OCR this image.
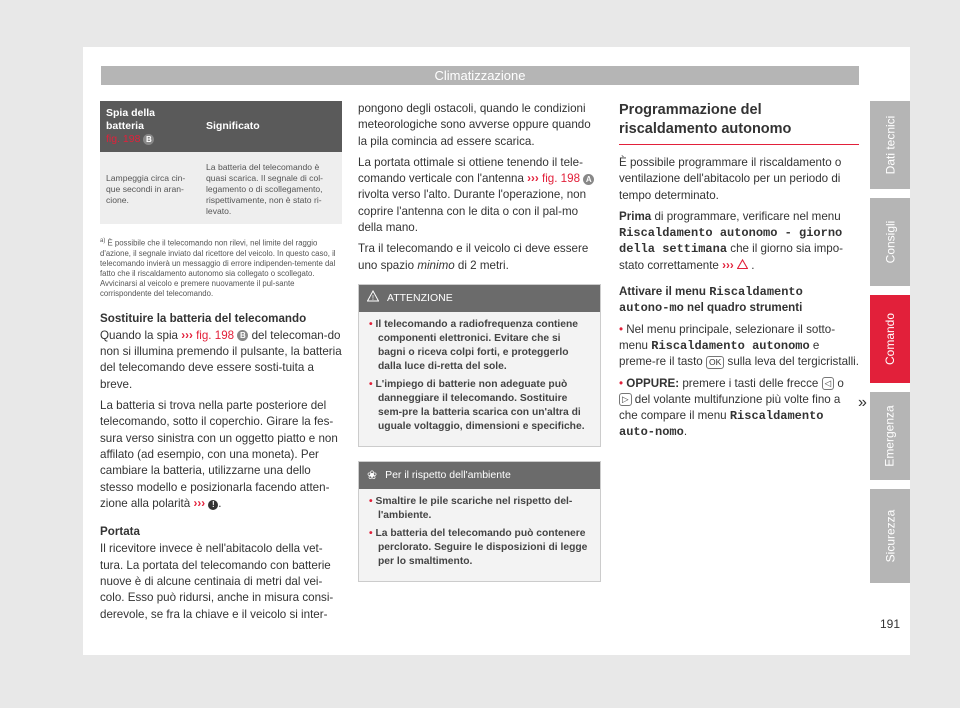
Climatizzazione
Dati tecnici
Consigli
Comando
Emergenza
Sicurezza
191
Spia della batteria
fig. 198 B	Significato
Lampeggia circa cin-que secondi in aran-cione.	La batteria del telecomando è quasi scarica. Il segnale di col-legamento o di scollegamento, rispettivamente, non è stato ri-levato.
$^{a)}$ È possibile che il telecomando non rilevi, nel limite del raggio d'azione, il segnale inviato dal ricettore del veicolo. In questo caso, il telecomando invierà un messaggio di errore indipenden-temente dal fatto che il riscaldamento autonomo sia collegato o scollegato. Avvicinarsi al veicolo e premere nuovamente il pul-sante corrispondente del telecomando.
Sostituire la batteria del telecomando

Quando la spia ››› fig. 198 B del telecoman-do non si illumina premendo il pulsante, la batteria del telecomando deve essere sosti-tuita a breve.

La batteria si trova nella parte posteriore del telecomando, sotto il coperchio. Girare la fes-sura verso sinistra con un oggetto piatto e non affilato (ad esempio, con una moneta). Per cambiare la batteria, utilizzarne una dello stesso modello e posizionarla facendo atten-zione alla polarità ››› ! .

Portata

Il ricevitore invece è nell'abitacolo della vet-tura. La portata del telecomando con batterie nuove è di alcune centinaia di metri dal vei-colo. Esso può ridursi, anche in misura consi-derevole, se fra la chiave e il veicolo si inter-

pongono degli ostacoli, quando le condizioni meteorologiche sono avverse oppure quando la pila comincia ad essere scarica.

La portata ottimale si ottiene tenendo il tele-comando verticale con l'antenna ››› fig. 198 A rivolta verso l'alto. Durante l'operazione, non coprire l'antenna con le dita o con il pal-mo della mano.

Tra il telecomando e il veicolo ci deve essere uno spazio minimo di 2 metri.

! ATTENZIONE
• Il telecomando a radiofrequenza contiene componenti elettronici. Evitare che si bagni o riceva colpi forti, e proteggerlo dalla luce di-retta del sole.
• L'impiego di batterie non adeguate può danneggiare il telecomando. Sostituire sem-pre la batteria scarica con un'altra di uguale voltaggio, dimensioni e specifiche.
❀ Per il rispetto dell'ambiente
• Smaltire le pile scariche nel rispetto del-l'ambiente.
• La batteria del telecomando può contenere perclorato. Seguire le disposizioni di legge per lo smaltimento.
Programmazione del riscaldamento autonomo

È possibile programmare il riscaldamento o ventilazione dell'abitacolo per un periodo di tempo determinato.

Prima di programmare, verificare nel menu Riscaldamento autonomo - giorno della settimana che il giorno sia impo-stato correttamente ››› .

Attivare il menu Riscaldamento autono-mo nel quadro strumenti

• Nel menu principale, selezionare il sotto-menu Riscaldamento autonomo e preme-re il tasto OK sulla leva del tergicristalli.

• OPPURE: premere i tasti delle frecce ◁ o ▷ del volante multifunzione più volte fino a che compare il menu Riscaldamento auto-nomo.

»
